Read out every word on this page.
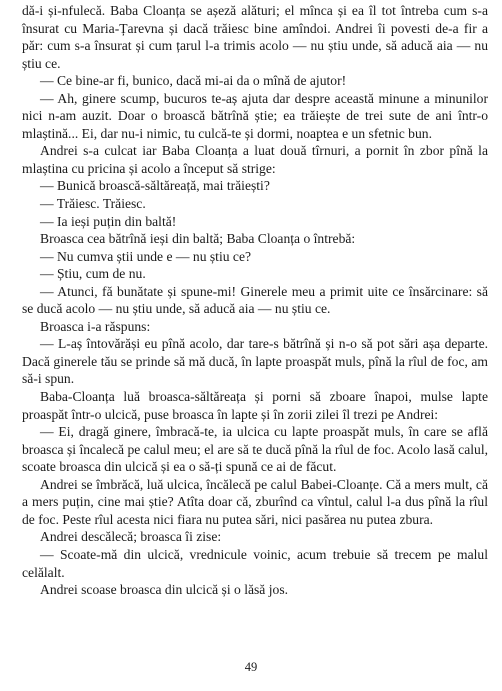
dă-i și-nfulecă. Baba Cloanța se așeză alături; el mînca și ea îl tot întreba cum s-a însurat cu Maria-Țarevna și dacă trăiesc bine amîndoi. Andrei îi povesti de-a fir a păr: cum s-a însurat și cum țarul l-a trimis acolo — nu știu unde, să aducă aia — nu știu ce.

— Ce bine-ar fi, bunico, dacă mi-ai da o mînă de ajutor!

— Ah, ginere scump, bucuros te-aș ajuta dar despre această minune a minunilor nici n-am auzit. Doar o broască bătrînă știe; ea trăiește de trei sute de ani într-o mlaștină... Ei, dar nu-i nimic, tu culcă-te și dormi, noaptea e un sfetnic bun.

Andrei s-a culcat iar Baba Cloanța a luat două tîrnuri, a pornit în zbor pînă la mlaștina cu pricina și acolo a început să strige:

— Bunică broască-săltăreață, mai trăiești?

— Trăiesc. Trăiesc.

— Ia ieși puțin din baltă!

Broasca cea bătrînă ieși din baltă; Baba Cloanța o întrebă:

— Nu cumva știi unde e — nu știu ce?

— Știu, cum de nu.

— Atunci, fă bunătate și spune-mi! Ginerele meu a primit uite ce însărcinare: să se ducă acolo — nu știu unde, să aducă aia — nu știu ce.

Broasca i-a răspuns:

— L-aș întovărăși eu pînă acolo, dar tare-s bătrînă și n-o să pot sări așa departe. Dacă ginerele tău se prinde să mă ducă, în lapte proaspăt muls, pînă la rîul de foc, am să-i spun.

Baba-Cloanța luă broasca-săltăreața și porni să zboare înapoi, mulse lapte proaspăt într-o ulcică, puse broasca în lapte și în zorii zilei îl trezi pe Andrei:

— Ei, dragă ginere, îmbracă-te, ia ulcica cu lapte proaspăt muls, în care se află broasca și încalecă pe calul meu; el are să te ducă pînă la rîul de foc. Acolo lasă calul, scoate broasca din ulcică și ea o să-ți spună ce ai de făcut.

Andrei se îmbrăcă, luă ulcica, încălecă pe calul Babei-Cloanțe. Că a mers mult, că a mers puțin, cine mai știe? Atîta doar că, zburînd ca vîntul, calul l-a dus pînă la rîul de foc. Peste rîul acesta nici fiara nu putea sări, nici pasărea nu putea zbura.

Andrei descălecă; broasca îi zise:

— Scoate-mă din ulcică, vrednicule voinic, acum trebuie să trecem pe malul celălalt.

Andrei scoase broasca din ulcică și o lăsă jos.

49
